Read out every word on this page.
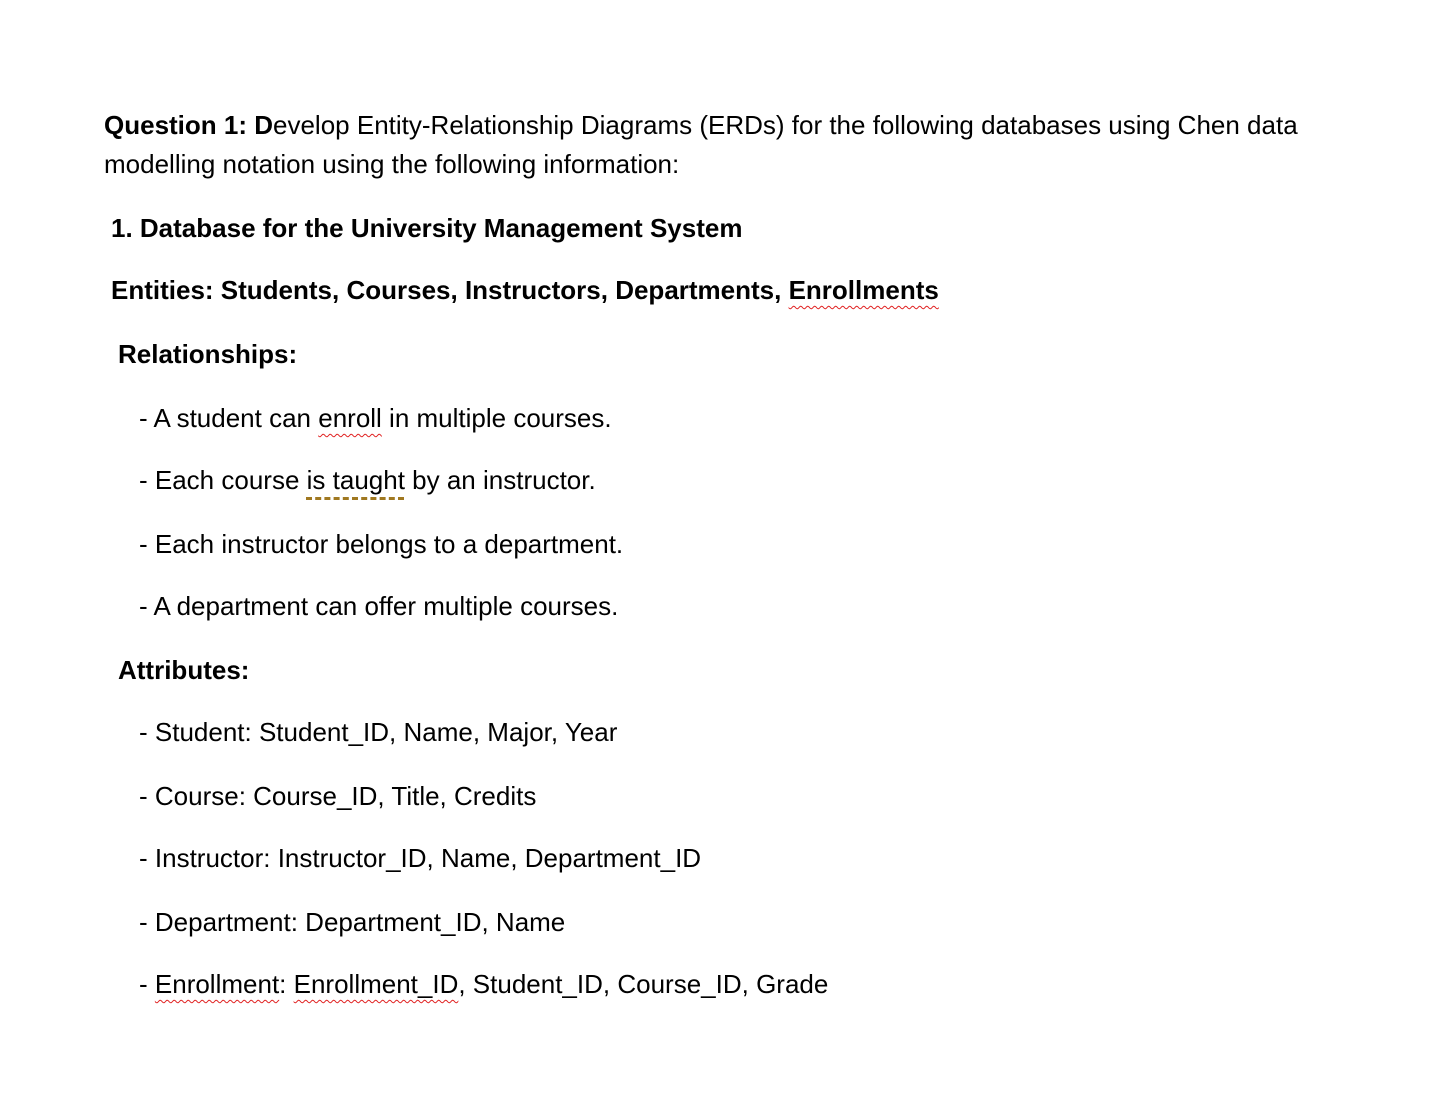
Question 1: Develop Entity-Relationship Diagrams (ERDs) for the following databases using Chen data modelling notation using the following information:
1. Database for the University Management System
Entities: Students, Courses, Instructors, Departments, Enrollments
Relationships:
- A student can enroll in multiple courses.
- Each course is taught by an instructor.
- Each instructor belongs to a department.
- A department can offer multiple courses.
Attributes:
- Student: Student_ID, Name, Major, Year
- Course: Course_ID, Title, Credits
- Instructor: Instructor_ID, Name, Department_ID
- Department: Department_ID, Name
- Enrollment: Enrollment_ID, Student_ID, Course_ID, Grade
